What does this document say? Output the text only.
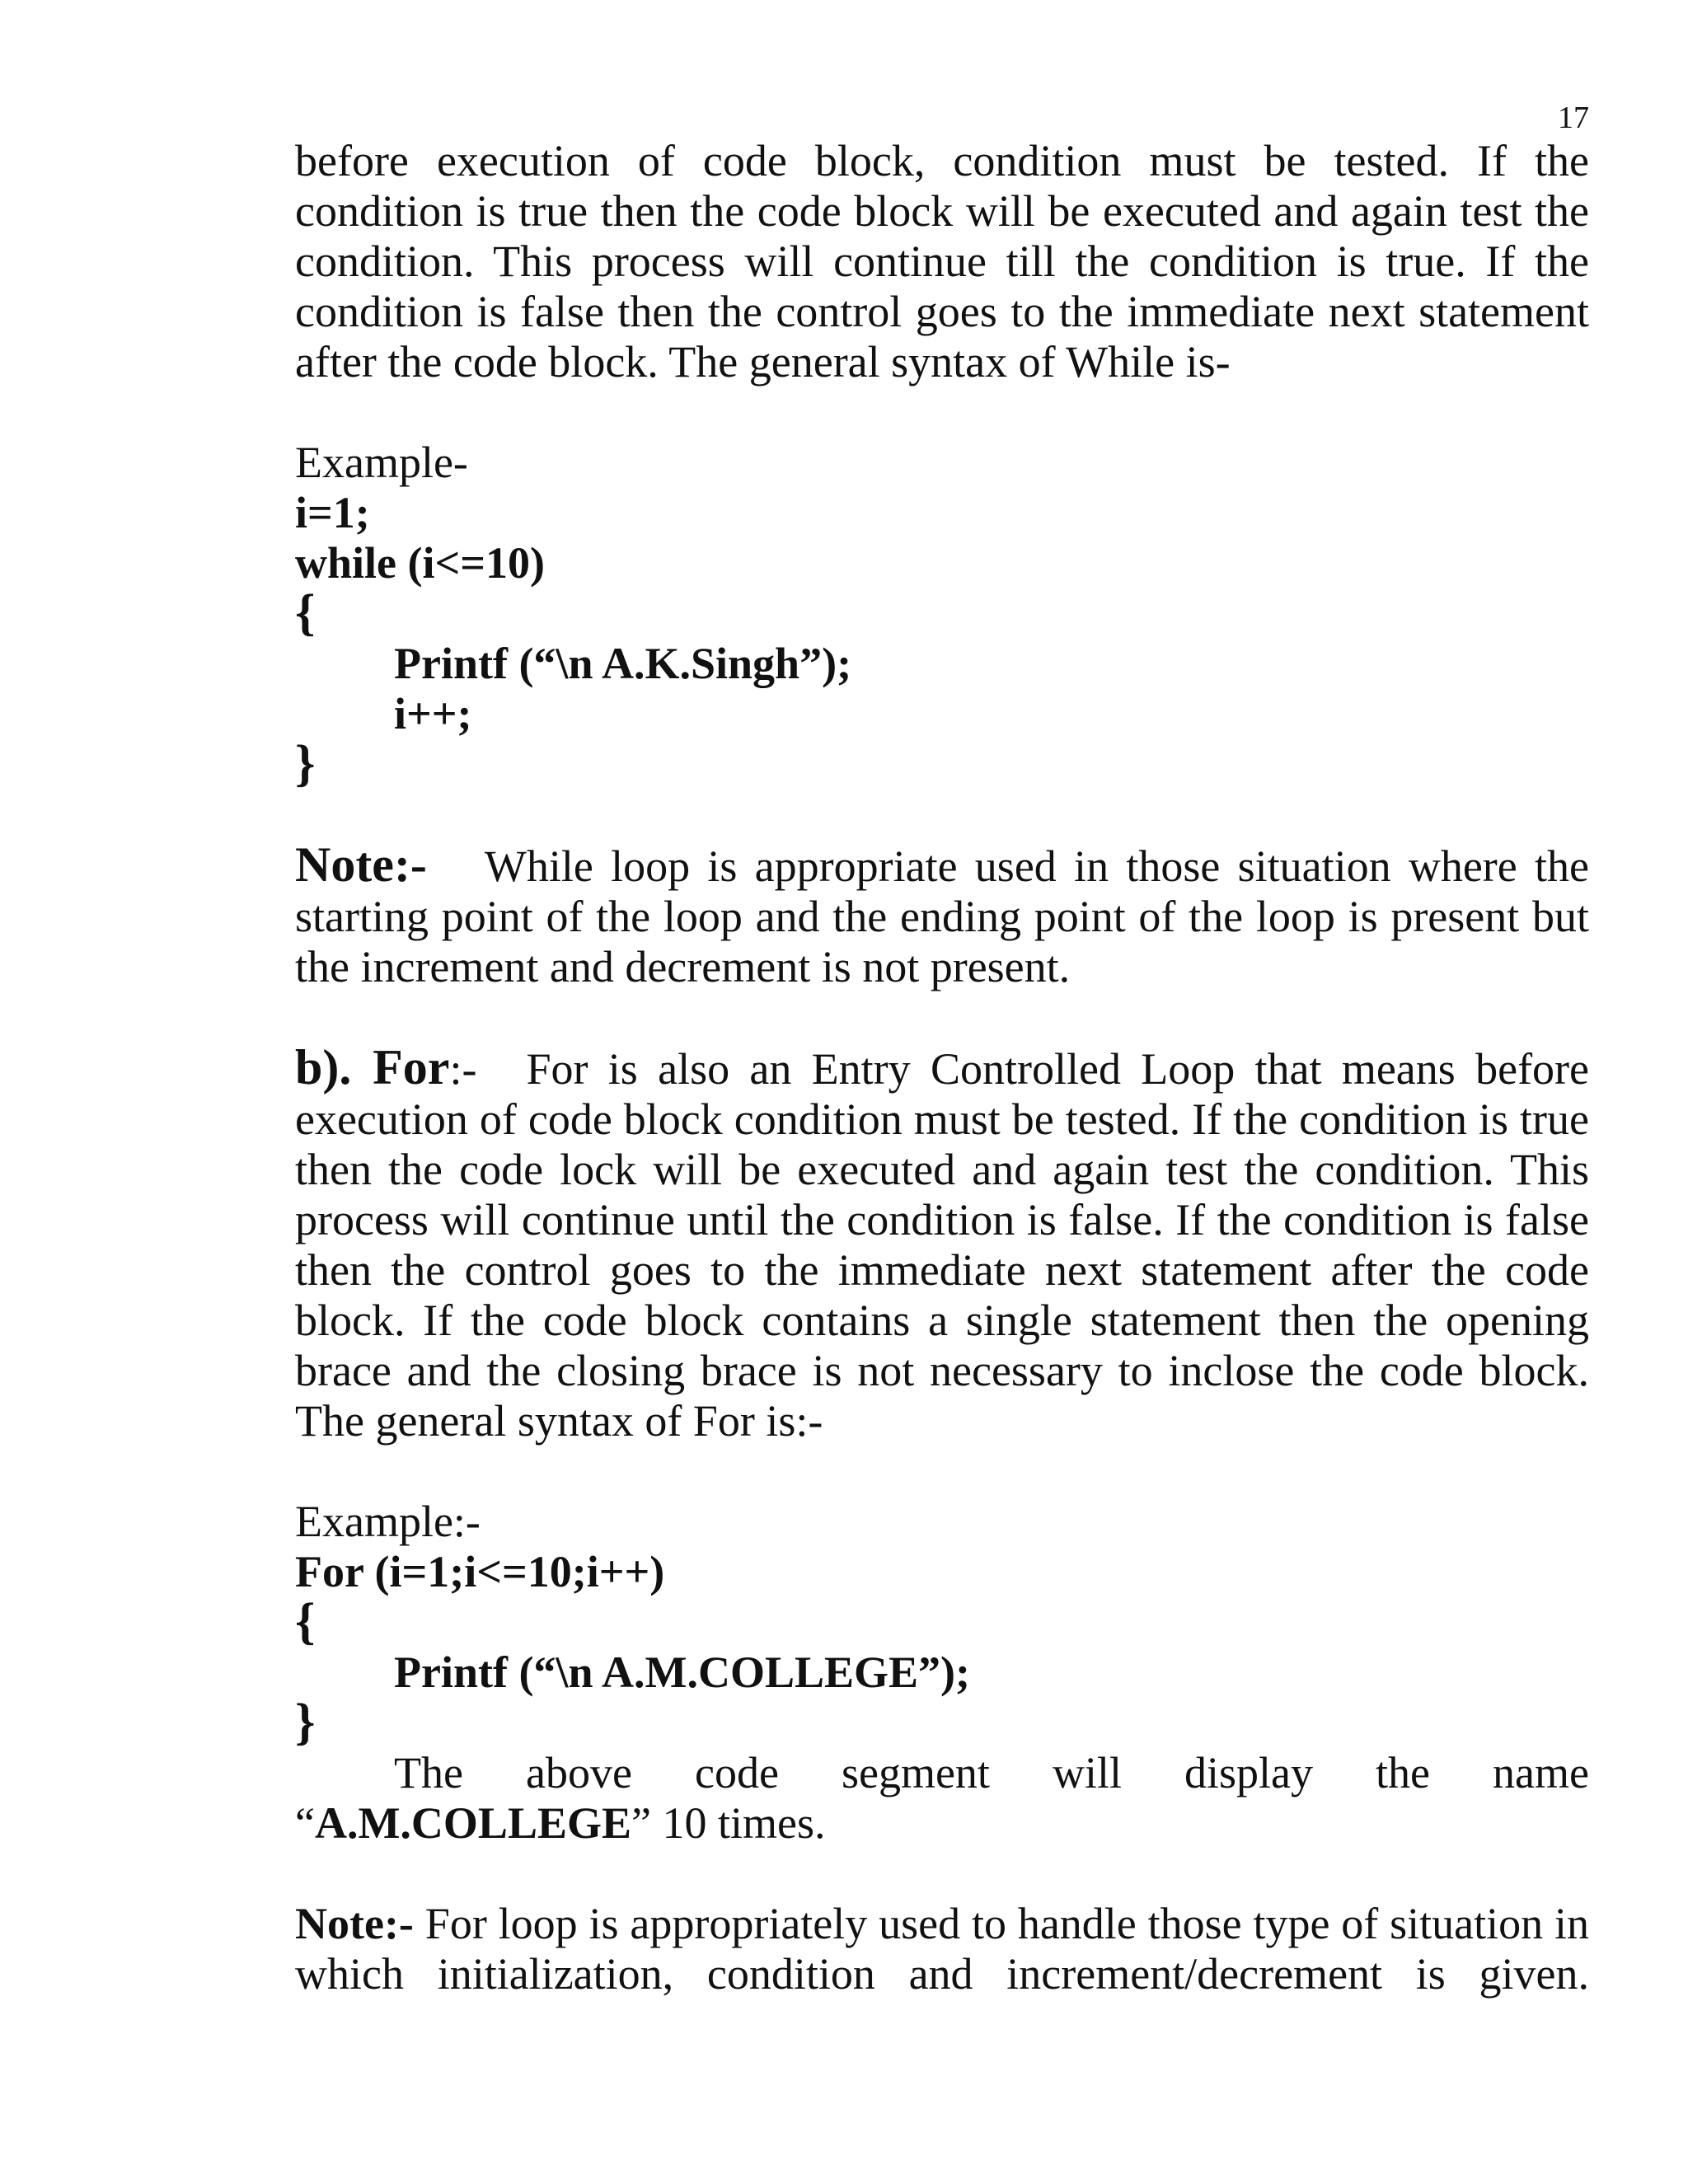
17

before execution of code block, condition must be tested. If the condition is true then the code block will be executed and again test the condition. This process will continue till the condition is true. If the condition is false then the control goes to the immediate next statement after the code block. The general syntax of While is-

Example-

i=1;

while (i<=10)

{

Printf (“\n A.K.Singh”);

i++;

}

Note:- While loop is appropriate used in those situation where the starting point of the loop and the ending point of the loop is present but the increment and decrement is not present.

b). For:- For is also an Entry Controlled Loop that means before execution of code block condition must be tested. If the condition is true then the code lock will be executed and again test the condition. This process will continue until the condition is false. If the condition is false then the control goes to the immediate next statement after the code block. If the code block contains a single statement then the opening brace and the closing brace is not necessary to inclose the code block. The general syntax of For is:-

Example:-

For (i=1;i<=10;i++)

{

Printf (“\n A.M.COLLEGE”);

}

The above code segment will display the name “A.M.COLLEGE” 10 times.

Note:- For loop is appropriately used to handle those type of situation in which initialization, condition and increment/decrement is given.
